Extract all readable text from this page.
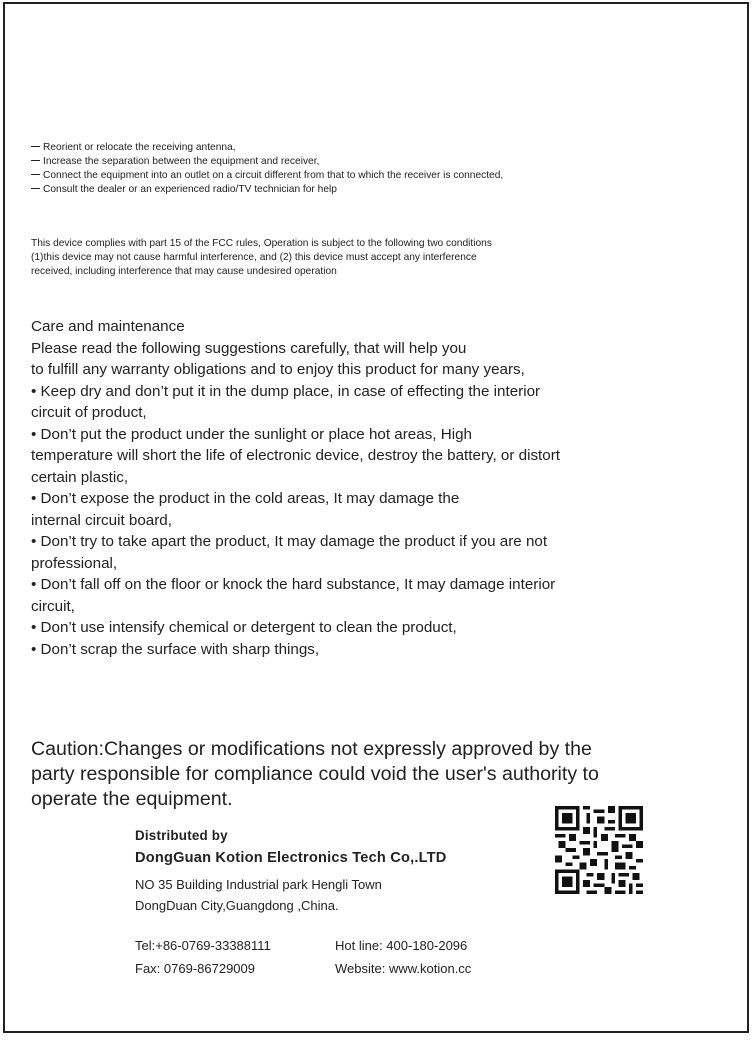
Reorient or relocate the receiving antenna,
Increase the separation between the equipment and receiver,
Connect the equipment into an outlet on a circuit different from that to which the receiver is connected,
Consult the dealer or an experienced radio/TV technician for help
This device complies with part 15 of the FCC rules, Operation is subject to the following two conditions
(1)this device may not cause harmful interference, and (2) this device must accept any interference
received, including interference that may cause undesired operation
Care and maintenance
Please read the following suggestions carefully, that will help you
to fulfill any warranty obligations and to enjoy this product for many years,
• Keep dry and don’t put it in the dump place, in case of effecting the interior
circuit of product,
• Don’t put the product under the sunlight or place hot areas, High
temperature will short the life of electronic device, destroy the battery, or distort
certain plastic,
• Don’t expose the product in the cold areas, It may damage the
internal circuit board,
• Don’t try to take apart the product, It may damage the product if you are not
professional,
• Don’t fall off on the floor or knock the hard substance, It may damage interior
circuit,
• Don’t use intensify chemical or detergent to clean the product,
• Don’t scrap the surface with sharp things,
Caution:Changes or modifications not expressly approved by the
party responsible for compliance could void the user's authority to
operate the equipment.
Distributed by
DongGuan Kotion Electronics Tech Co,.LTD
NO 35 Building Industrial park Hengli Town
DongDuan City,Guangdong ,China.
Tel:+86-0769-33388111	Hot line: 400-180-2096
Fax: 0769-86729009	Website: www.kotion.cc
